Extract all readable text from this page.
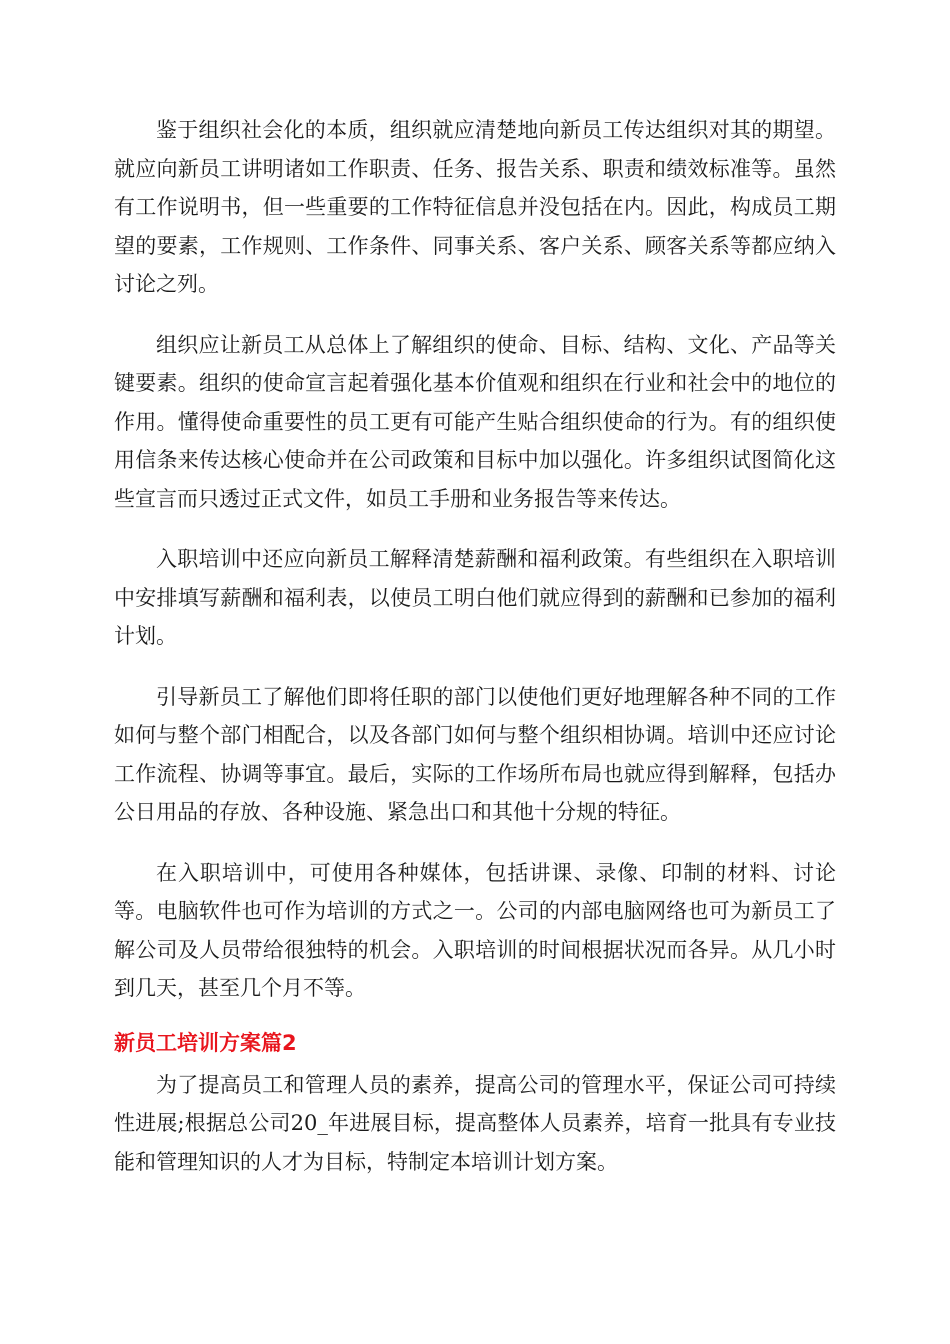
鉴于组织社会化的本质，组织就应清楚地向新员工传达组织对其的期望。就应向新员工讲明诸如工作职责、任务、报告关系、职责和绩效标准等。虽然有工作说明书，但一些重要的工作特征信息并没包括在内。因此，构成员工期望的要素，工作规则、工作条件、同事关系、客户关系、顾客关系等都应纳入讨论之列。

组织应让新员工从总体上了解组织的使命、目标、结构、文化、产品等关键要素。组织的使命宣言起着强化基本价值观和组织在行业和社会中的地位的作用。懂得使命重要性的员工更有可能产生贴合组织使命的行为。有的组织使用信条来传达核心使命并在公司政策和目标中加以强化。许多组织试图简化这些宣言而只透过正式文件，如员工手册和业务报告等来传达。

入职培训中还应向新员工解释清楚薪酬和福利政策。有些组织在入职培训中安排填写薪酬和福利表，以使员工明白他们就应得到的薪酬和已参加的福利计划。

引导新员工了解他们即将任职的部门以使他们更好地理解各种不同的工作如何与整个部门相配合，以及各部门如何与整个组织相协调。培训中还应讨论工作流程、协调等事宜。最后，实际的工作场所布局也就应得到解释，包括办公日用品的存放、各种设施、紧急出口和其他十分规的特征。

在入职培训中，可使用各种媒体，包括讲课、录像、印制的材料、讨论等。电脑软件也可作为培训的方式之一。公司的内部电脑网络也可为新员工了解公司及人员带给很独特的机会。入职培训的时间根据状况而各异。从几小时到几天，甚至几个月不等。

新员工培训方案篇2

为了提高员工和管理人员的素养，提高公司的管理水平，保证公司可持续性进展;根据总公司20_年进展目标，提高整体人员素养，培育一批具有专业技能和管理知识的人才为目标，特制定本培训计划方案。
